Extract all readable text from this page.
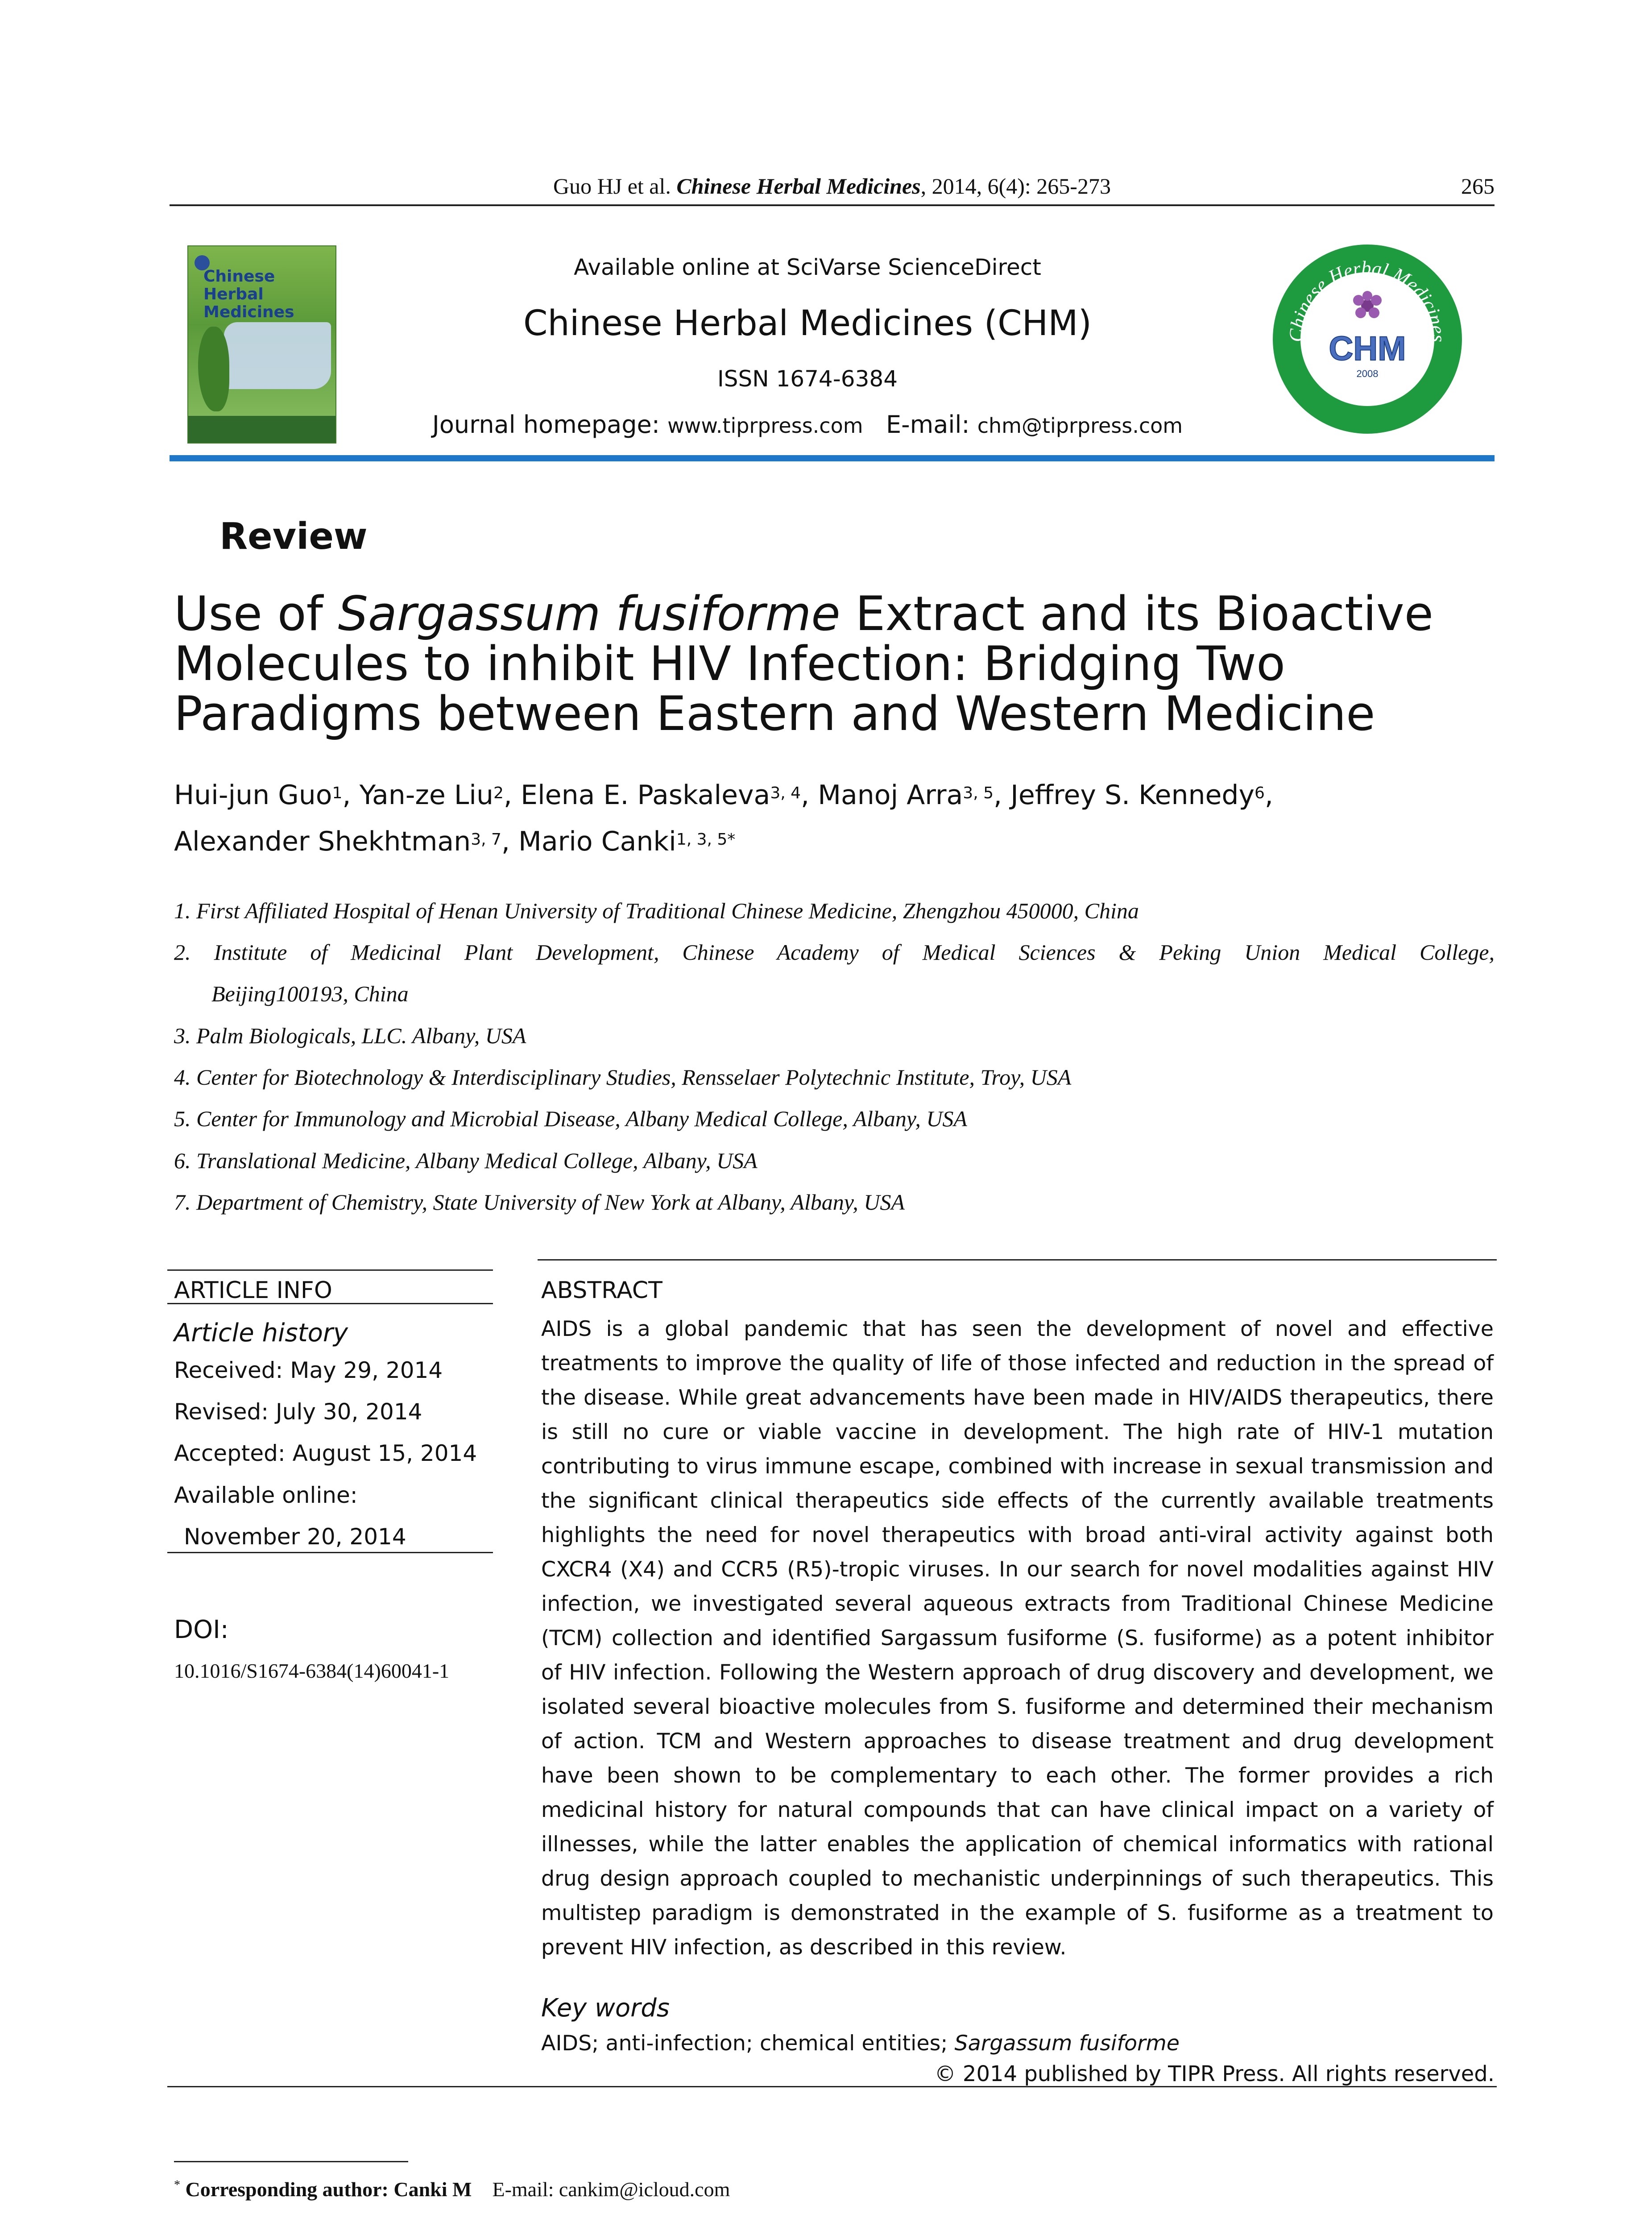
Guo HJ et al. Chinese Herbal Medicines, 2014, 6(4): 265-273	265
Chinese Herbal Medicines
Available online at SciVarse ScienceDirect
Chinese Herbal Medicines (CHM)
ISSN 1674-6384
Journal homepage: www.tiprpress.com E-mail: chm@tiprpress.com
Chinese Herbal Medicines
CHM
2008
TIPR PRESS
Review
Use of Sargassum fusiforme Extract and its Bioactive
Molecules to inhibit HIV Infection: Bridging Two
Paradigms between Eastern and Western Medicine
Hui-jun Guo$^1$, Yan-ze Liu$^2$, Elena E. Paskaleva$^{3, 4}$, Manoj Arra$^{3, 5}$, Jeffrey S. Kennedy$^6$,
Alexander Shekhtman$^{3, 7}$, Mario Canki$^{1, 3, 5*}$
1. First Affiliated Hospital of Henan University of Traditional Chinese Medicine, Zhengzhou 450000, China
2. Institute of Medicinal Plant Development, Chinese Academy of Medical Sciences & Peking Union Medical College,
Beijing100193, China
3. Palm Biologicals, LLC. Albany, USA
4. Center for Biotechnology & Interdisciplinary Studies, Rensselaer Polytechnic Institute, Troy, USA
5. Center for Immunology and Microbial Disease, Albany Medical College, Albany, USA
6. Translational Medicine, Albany Medical College, Albany, USA
7. Department of Chemistry, State University of New York at Albany, Albany, USA
ARTICLE INFO
Article history
Received: May 29, 2014
Revised: July 30, 2014
Accepted: August 15, 2014
Available online:
November 20, 2014
DOI:
10.1016/S1674-6384(14)60041-1
ABSTRACT
AIDS is a global pandemic that has seen the development of novel and effective treatments to improve the quality of life of those infected and reduction in the spread of the disease. While great advancements have been made in HIV/AIDS therapeutics, there is still no cure or viable vaccine in development. The high rate of HIV-1 mutation contributing to virus immune escape, combined with increase in sexual transmission and the significant clinical therapeutics side effects of the currently available treatments highlights the need for novel therapeutics with broad anti-viral activity against both CXCR4 (X4) and CCR5 (R5)-tropic viruses. In our search for novel modalities against HIV infection, we investigated several aqueous extracts from Traditional Chinese Medicine (TCM) collection and identified Sargassum fusiforme (S. fusiforme) as a potent inhibitor of HIV infection. Following the Western approach of drug discovery and development, we isolated several bioactive molecules from S. fusiforme and determined their mechanism of action. TCM and Western approaches to disease treatment and drug development have been shown to be complementary to each other. The former provides a rich medicinal history for natural compounds that can have clinical impact on a variety of illnesses, while the latter enables the application of chemical informatics with rational drug design approach coupled to mechanistic underpinnings of such therapeutics. This multistep paradigm is demonstrated in the example of S. fusiforme as a treatment to prevent HIV infection, as described in this review.
Key words
AIDS; anti-infection; chemical entities; Sargassum fusiforme
© 2014 published by TIPR Press. All rights reserved.
* Corresponding author: Canki M E-mail: cankim@icloud.com
